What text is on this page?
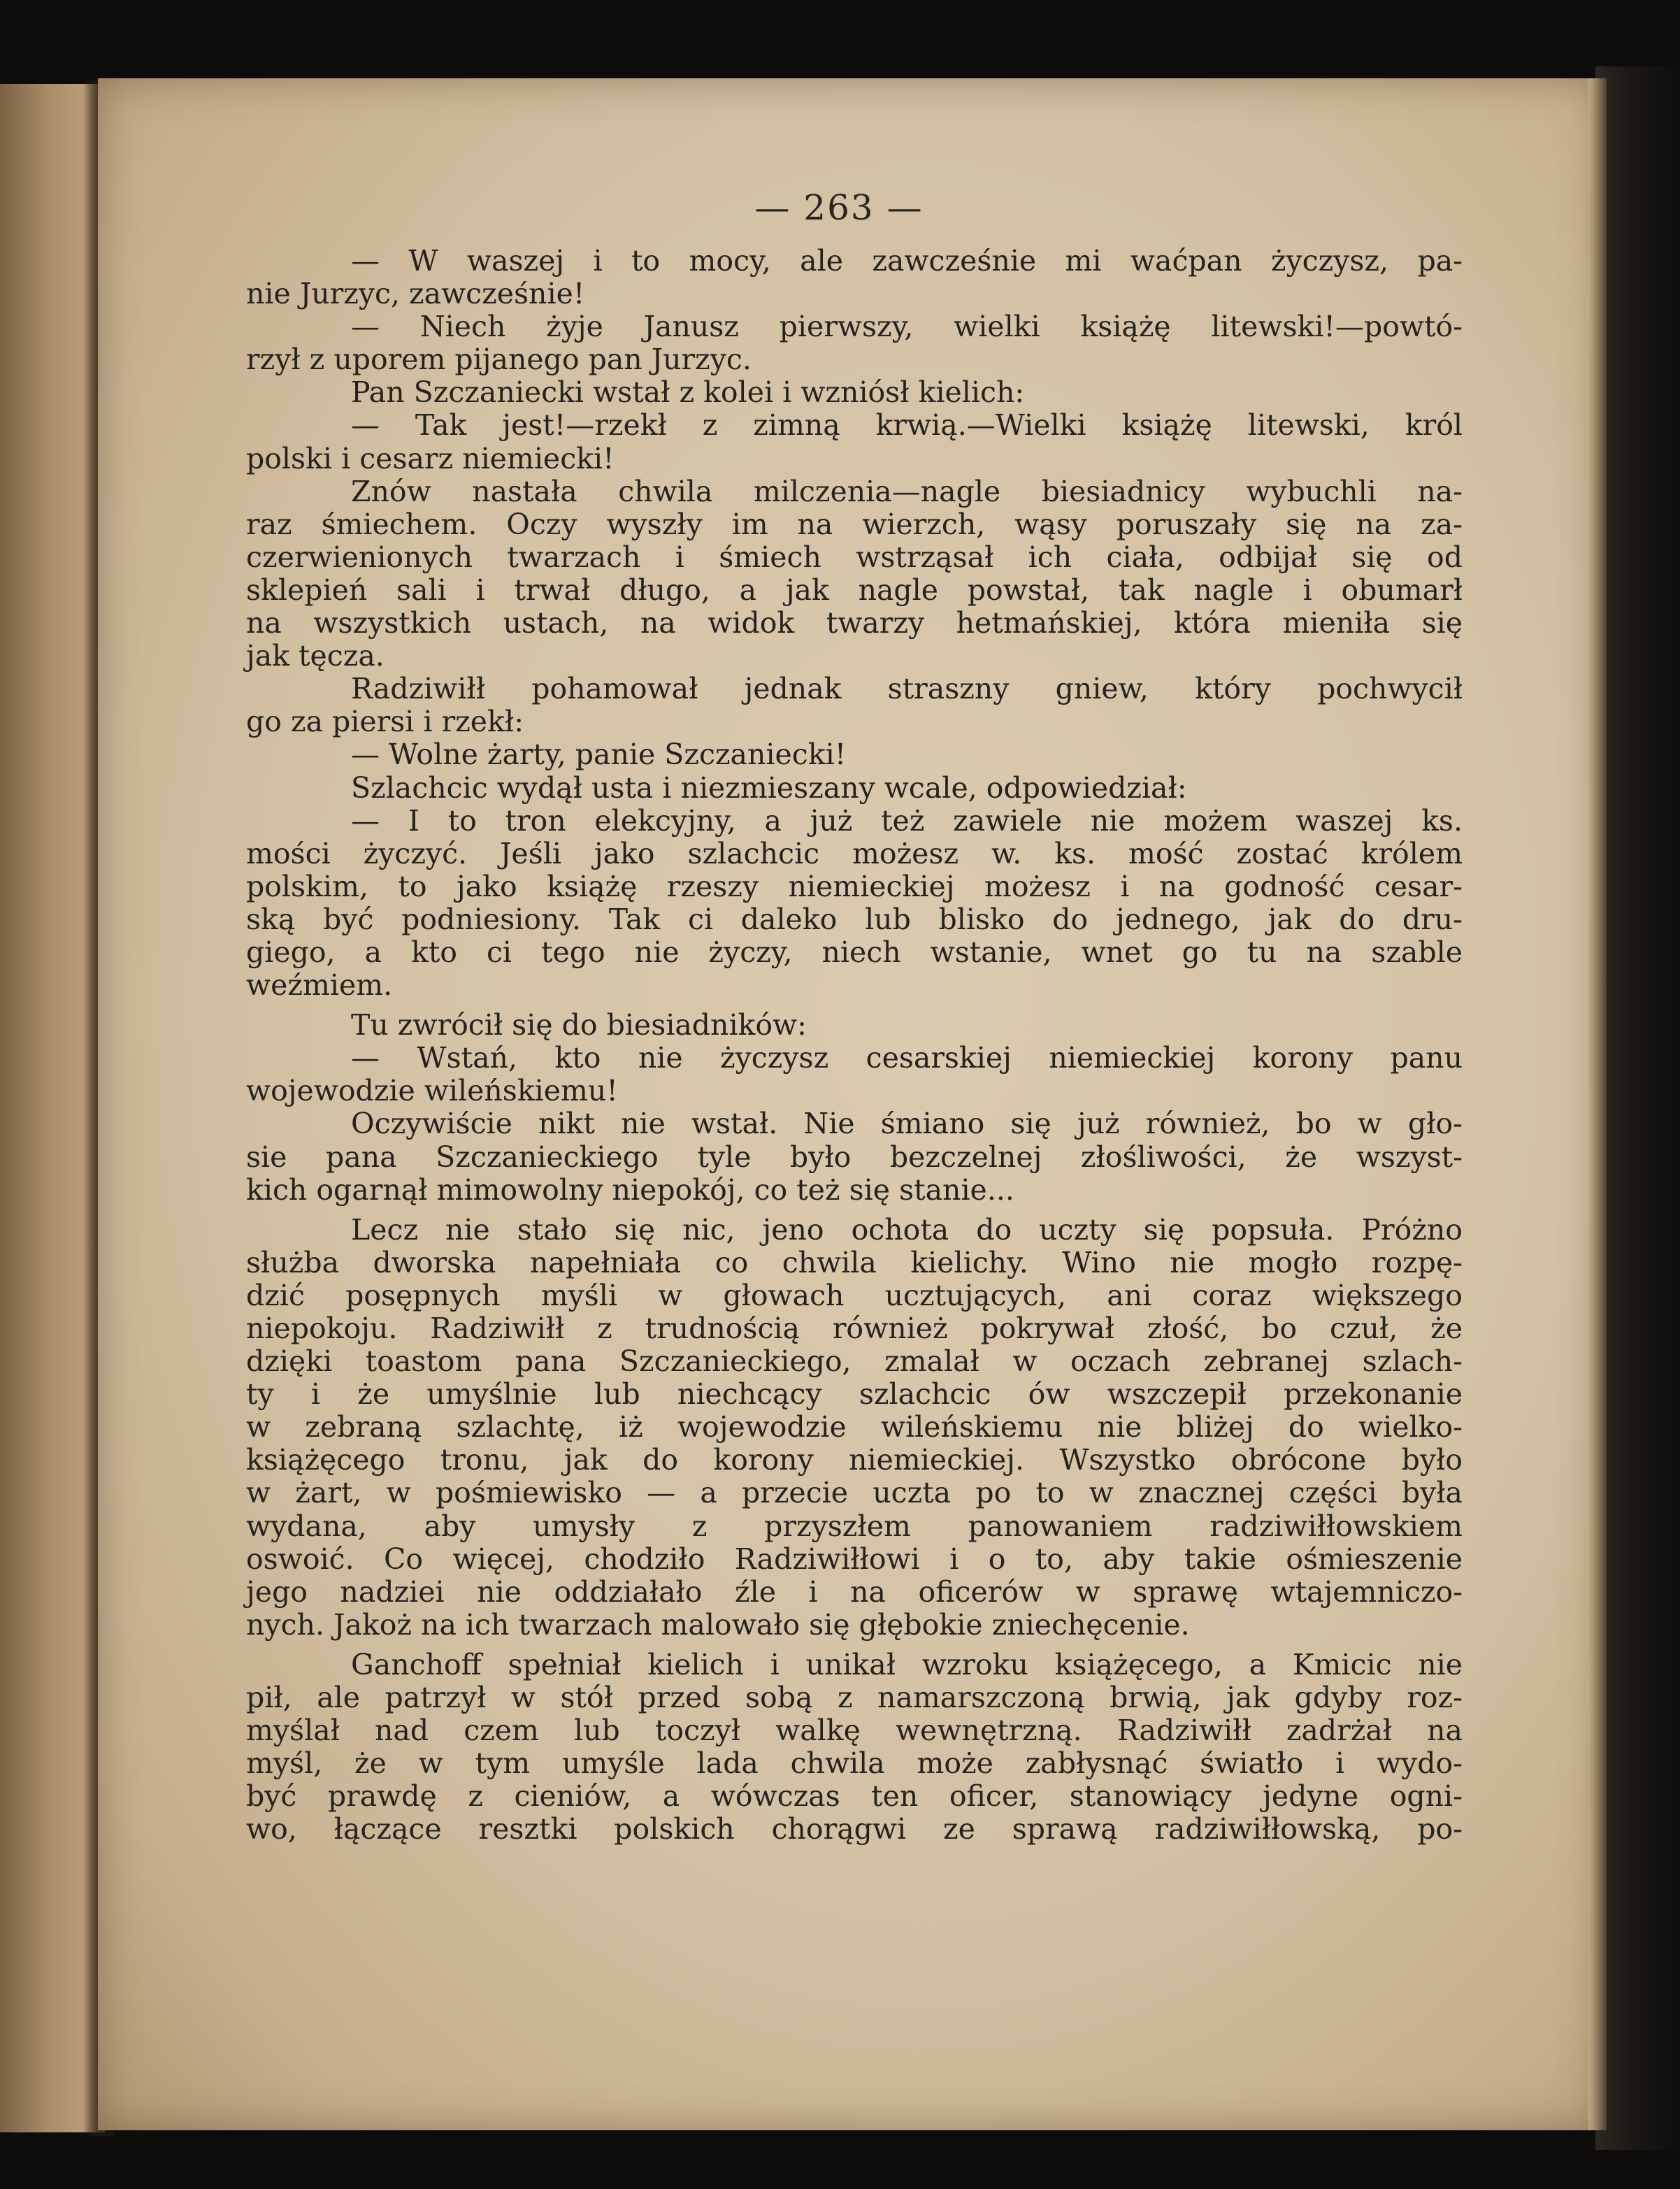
— 263 —
— W waszej i to mocy, ale zawcześnie mi waćpan życzysz, pa-
nie Jurzyc, zawcześnie!
— Niech żyje Janusz pierwszy, wielki książę litewski!—powtó-
rzył z uporem pijanego pan Jurzyc.
Pan Szczaniecki wstał z kolei i wzniósł kielich:
— Tak jest!—rzekł z zimną krwią.—Wielki książę litewski, król
polski i cesarz niemiecki!
Znów nastała chwila milczenia—nagle biesiadnicy wybuchli na-
raz śmiechem. Oczy wyszły im na wierzch, wąsy poruszały się na za-
czerwienionych twarzach i śmiech wstrząsał ich ciała, odbijał się od
sklepień sali i trwał długo, a jak nagle powstał, tak nagle i obumarł
na wszystkich ustach, na widok twarzy hetmańskiej, która mieniła się
jak tęcza.
Radziwiłł pohamował jednak straszny gniew, który pochwycił
go za piersi i rzekł:
— Wolne żarty, panie Szczaniecki!
Szlachcic wydął usta i niezmieszany wcale, odpowiedział:
— I to tron elekcyjny, a już też zawiele nie możem waszej ks.
mości życzyć. Jeśli jako szlachcic możesz w. ks. mość zostać królem
polskim, to jako książę rzeszy niemieckiej możesz i na godność cesar-
ską być podniesiony. Tak ci daleko lub blisko do jednego, jak do dru-
giego, a kto ci tego nie życzy, niech wstanie, wnet go tu na szable
weźmiem.
Tu zwrócił się do biesiadników:
— Wstań, kto nie życzysz cesarskiej niemieckiej korony panu
wojewodzie wileńskiemu!
Oczywiście nikt nie wstał. Nie śmiano się już również, bo w gło-
sie pana Szczanieckiego tyle było bezczelnej złośliwości, że wszyst-
kich ogarnął mimowolny niepokój, co też się stanie...
Lecz nie stało się nic, jeno ochota do uczty się popsuła. Próżno
służba dworska napełniała co chwila kielichy. Wino nie mogło rozpę-
dzić posępnych myśli w głowach ucztujących, ani coraz większego
niepokoju. Radziwiłł z trudnością również pokrywał złość, bo czuł, że
dzięki toastom pana Szczanieckiego, zmalał w oczach zebranej szlach-
ty i że umyślnie lub niechcący szlachcic ów wszczepił przekonanie
w zebraną szlachtę, iż wojewodzie wileńskiemu nie bliżej do wielko-
książęcego tronu, jak do korony niemieckiej. Wszystko obrócone było
w żart, w pośmiewisko — a przecie uczta po to w znacznej części była
wydana, aby umysły z przyszłem panowaniem radziwiłłowskiem
oswoić. Co więcej, chodziło Radziwiłłowi i o to, aby takie ośmieszenie
jego nadziei nie oddziałało źle i na oficerów w sprawę wtajemniczo-
nych. Jakoż na ich twarzach malowało się głębokie zniechęcenie.
Ganchoff spełniał kielich i unikał wzroku książęcego, a Kmicic nie
pił, ale patrzył w stół przed sobą z namarszczoną brwią, jak gdyby roz-
myślał nad czem lub toczył walkę wewnętrzną. Radziwiłł zadrżał na
myśl, że w tym umyśle lada chwila może zabłysnąć światło i wydo-
być prawdę z cieniów, a wówczas ten oficer, stanowiący jedyne ogni-
wo, łączące resztki polskich chorągwi ze sprawą radziwiłłowską, po-
